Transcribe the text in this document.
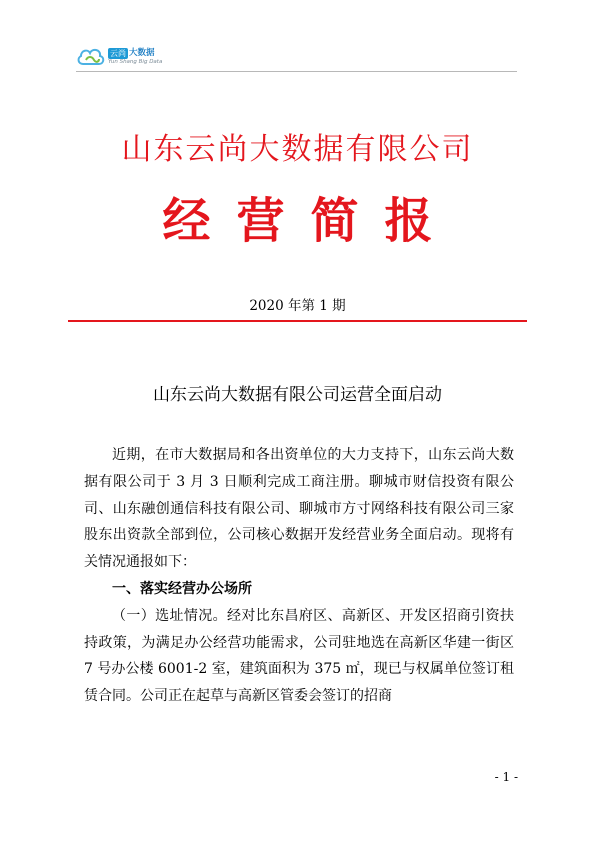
云尚 大数据
Yun Shang Big Data
山东云尚大数据有限公司
经营简报
2020 年第 1 期
山东云尚大数据有限公司运营全面启动

近期，在市大数据局和各出资单位的大力支持下，山东云尚大数据有限公司于 3 月 3 日顺利完成工商注册。聊城市财信投资有限公司、山东融创通信科技有限公司、聊城市方寸网络科技有限公司三家股东出资款全部到位，公司核心数据开发经营业务全面启动。现将有关情况通报如下：

一、落实经营办公场所

（一）选址情况。经对比东昌府区、高新区、开发区招商引资扶持政策，为满足办公经营功能需求，公司驻地选在高新区华建一街区 7 号办公楼 6001-2 室，建筑面积为 375 ㎡，现已与权属单位签订租赁合同。公司正在起草与高新区管委会签订的招商

- 1 -
